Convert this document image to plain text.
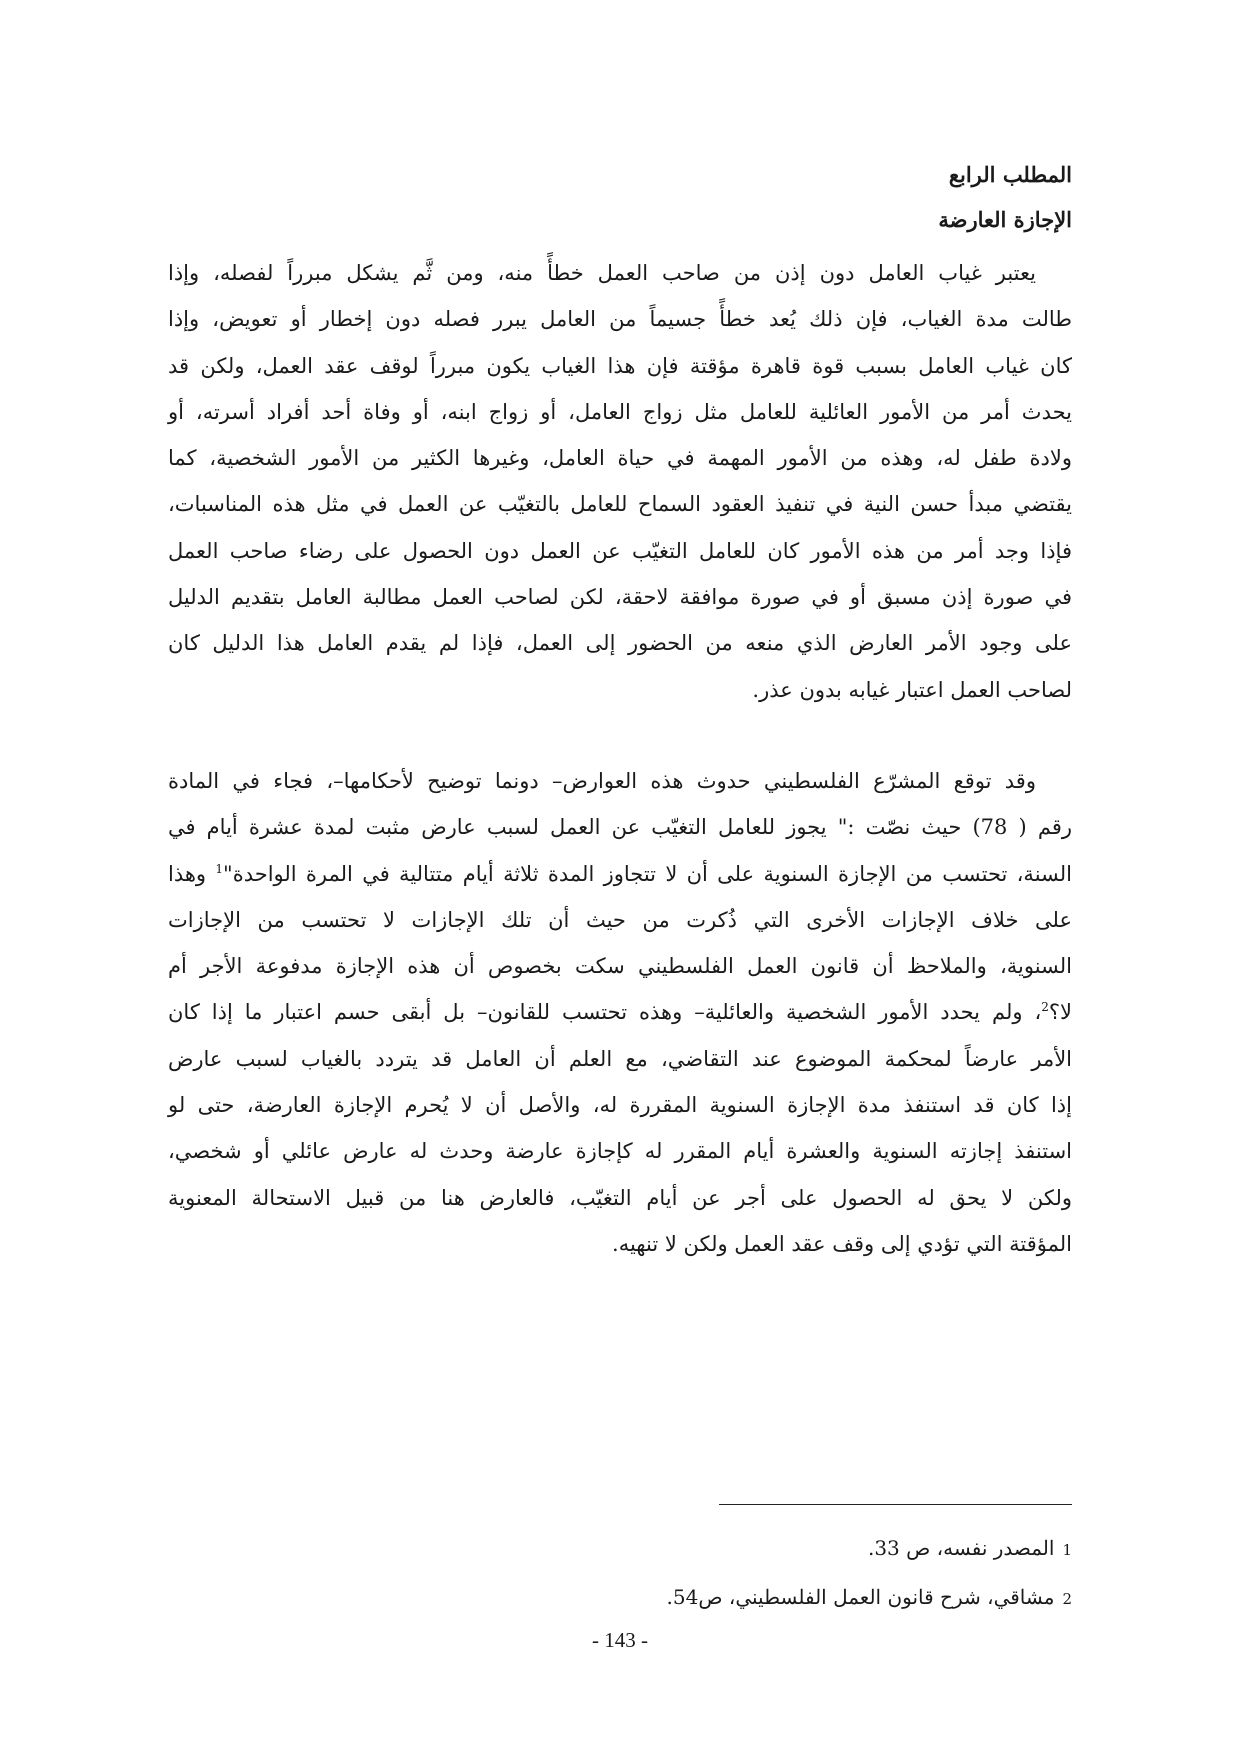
المطلب الرابع
الإجازة العارضة
يعتبر غياب العامل دون إذن من صاحب العمل خطأً منه، ومن ثَّم يشكل مبرراً لفصله، وإذا
طالت مدة الغياب، فإن ذلك يُعد خطأً جسيماً من العامل يبرر فصله دون إخطار أو تعويض، وإذا
كان غياب العامل بسبب قوة قاهرة مؤقتة فإن هذا الغياب يكون مبرراً لوقف عقد العمل، ولكن قد
يحدث أمر من الأمور العائلية للعامل مثل زواج العامل، أو زواج ابنه، أو وفاة أحد أفراد أسرته، أو
ولادة طفل له، وهذه من الأمور المهمة في حياة العامل، وغيرها الكثير من الأمور الشخصية، كما
يقتضي مبدأ حسن النية في تنفيذ العقود السماح للعامل بالتغيّب عن العمل في مثل هذه المناسبات،
فإذا وجد أمر من هذه الأمور كان للعامل التغيّب عن العمل دون الحصول على رضاء صاحب العمل
في صورة إذن مسبق أو في صورة موافقة لاحقة، لكن لصاحب العمل مطالبة العامل بتقديم الدليل
على وجود الأمر العارض الذي منعه من الحضور إلى العمل، فإذا لم يقدم العامل هذا الدليل كان
لصاحب العمل اعتبار غيابه بدون عذر.
وقد توقع المشرّع الفلسطيني حدوث هذه العوارض– دونما توضيح لأحكامها–، فجاء في المادة
رقم ( 78) حيث نصّت :" يجوز للعامل التغيّب عن العمل لسبب عارض مثبت لمدة عشرة أيام في
السنة، تحتسب من الإجازة السنوية على أن لا تتجاوز المدة ثلاثة أيام متتالية في المرة الواحدة"$^1$ وهذا
على خلاف الإجازات الأخرى التي ذُكرت من حيث أن تلك الإجازات لا تحتسب من الإجازات
السنوية، والملاحظ أن قانون العمل الفلسطيني سكت بخصوص أن هذه الإجازة مدفوعة الأجر أم
لا؟$^2$، ولم يحدد الأمور الشخصية والعائلية– وهذه تحتسب للقانون– بل أبقى حسم اعتبار ما إذا كان
الأمر عارضاً لمحكمة الموضوع عند التقاضي، مع العلم أن العامل قد يتردد بالغياب لسبب عارض
إذا كان قد استنفذ مدة الإجازة السنوية المقررة له، والأصل أن لا يُحرم الإجازة العارضة، حتى لو
استنفذ إجازته السنوية والعشرة أيام المقرر له كإجازة عارضة وحدث له عارض عائلي أو شخصي،
ولكن لا يحق له الحصول على أجر عن أيام التغيّب، فالعارض هنا من قبيل الاستحالة المعنوية
المؤقتة التي تؤدي إلى وقف عقد العمل ولكن لا تنهيه.
1المصدر نفسه، ص 33.
2مشاقي، شرح قانون العمل الفلسطيني، ص54.
- 143 -
